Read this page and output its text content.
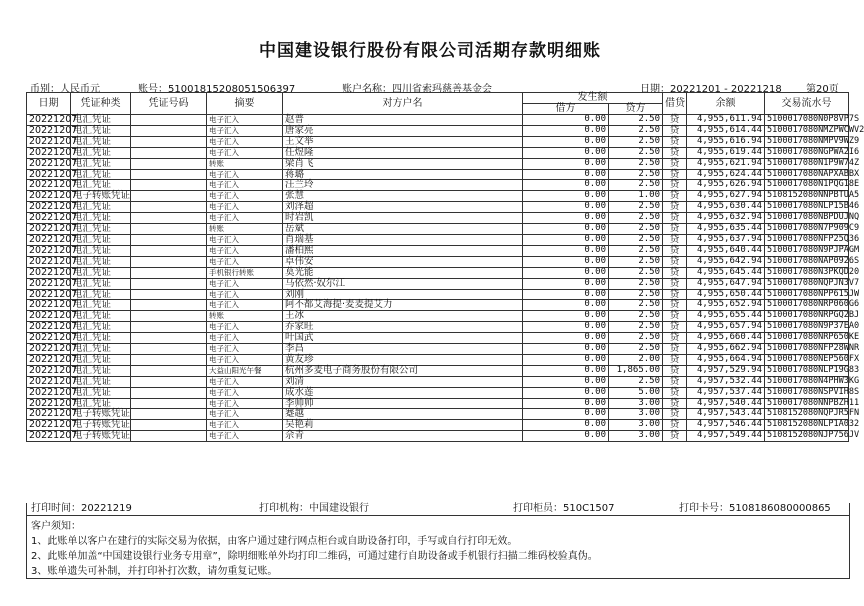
中国建设银行股份有限公司活期存款明细账
币别：人民币元	账号：51001815208051506397	账户名称：四川省索玛慈善基金会	日期：20221201 - 20221218 第20页
日期	凭证种类	凭证号码	摘要	对方户名	发生额		借贷	余额	交易流水号
					借方	贷方			
20221207	电汇凭证		电子汇入	赵普	0.00	2.50	贷	4,955,611.94	5100017080N0P8VP7S
20221207	电汇凭证		电子汇入	唐家亮	0.00	2.50	贷	4,955,614.44	5100017080NMZPWCWV2
20221207	电汇凭证		电子汇入	王文举	0.00	2.50	贷	4,955,616.94	5100017080NMPV9WZ9
20221207	电汇凭证		电子汇入	任煜隆	0.00	2.50	贷	4,955,619.44	5100017080NGPWA2I6
20221207	电汇凭证		转账	梁肖飞	0.00	2.50	贷	4,955,621.94	5100017080N1P9W74Z
20221207	电汇凭证		电子汇入	蒋璐	0.00	2.50	贷	4,955,624.44	5100017080NAPXABBX
20221207	电汇凭证		电子汇入	汪兰玲	0.00	2.50	贷	4,955,626.94	5100017080N1PQG18E
20221207	电子转账凭证		电子汇入	张慧	0.00	1.00	贷	4,955,627.94	5108152080NNPBTUA5
20221207	电汇凭证		电子汇入	刘泽超	0.00	2.50	贷	4,955,630.44	5100017080NLP15B46
20221207	电汇凭证		电子汇入	时岩凯	0.00	2.50	贷	4,955,632.94	5100017080NBPDUJNQ
20221207	电汇凭证		转账	岳斌	0.00	2.50	贷	4,955,635.44	5100017080N7P909C9
20221207	电汇凭证		电子汇入	肖瑞基	0.00	2.50	贷	4,955,637.94	5100017080NFP25Q36
20221207	电汇凭证		电子汇入	潘柏熙	0.00	2.50	贷	4,955,640.44	5100017080N9PJPAGM
20221207	电汇凭证		电子汇入	卓伟安	0.00	2.50	贷	4,955,642.94	5100017080NAP0926S
20221207	电汇凭证		手机银行转账	莫光能	0.00	2.50	贷	4,955,645.44	5100017080N3PKQD20
20221207	电汇凭证		电子汇入	马依然·奴尔江	0.00	2.50	贷	4,955,647.94	5100017080NQPJN3V7
20221207	电汇凭证		电子汇入	刘刚	0.00	2.50	贷	4,955,650.44	5100017080NPP615JW
20221207	电汇凭证		电子汇入	阿不都艾海提·麦麦提艾力	0.00	2.50	贷	4,955,652.94	5100017080NRP060G6
20221207	电汇凭证		转账	王冰	0.00	2.50	贷	4,955,655.44	5100017080NRPGQ2BJ
20221207	电汇凭证		电子汇入	乔家旺	0.00	2.50	贷	4,955,657.94	5100017080N9P37EA0
20221207	电汇凭证		电子汇入	叶国武	0.00	2.50	贷	4,955,660.44	5100017080NRP650KE
20221207	电汇凭证		电子汇入	李昌	0.00	2.50	贷	4,955,662.94	5100017080NFP28WNR
20221207	电汇凭证		电子汇入	黄友珍	0.00	2.00	贷	4,955,664.94	5100017080NEP560FX
20221207	电汇凭证		大益山阳光午餐	杭州多麦电子商务股份有限公司	0.00	1,865.00	贷	4,957,529.94	5100017080NLP19G83
20221207	电汇凭证		电子汇入	刘清	0.00	2.50	贷	4,957,532.44	5100017080N4PHW3KG
20221207	电汇凭证		电子汇入	成水莲	0.00	5.00	贷	4,957,537.44	5100017080NSPVIH8S
20221207	电汇凭证		电子汇入	李帅帅	0.00	3.00	贷	4,957,540.44	5100017080NNPBZH11
20221207	电子转账凭证		电子汇入	蹇越	0.00	3.00	贷	4,957,543.44	5108152080NQPJR5FN
20221207	电子转账凭证		电子汇入	吴艳莉	0.00	3.00	贷	4,957,546.44	5108152080NLP1A032
20221207	电子转账凭证		电子汇入	佘青	0.00	3.00	贷	4,957,549.44	5108152080NJP756JV
打印时间：20221219	打印机构：中国建设银行	打印柜员：510C1507	打印卡号：5108186080000865
客户须知：
1、此账单以客户在建行的实际交易为依据，由客户通过建行网点柜台或自助设备打印，手写或自行打印无效。
2、此账单加盖“中国建设银行业务专用章”，除明细账单外均打印二维码，可通过建行自助设备或手机银行扫描二维码校验真伪。
3、账单遗失可补制，并打印补打次数，请勿重复记账。
